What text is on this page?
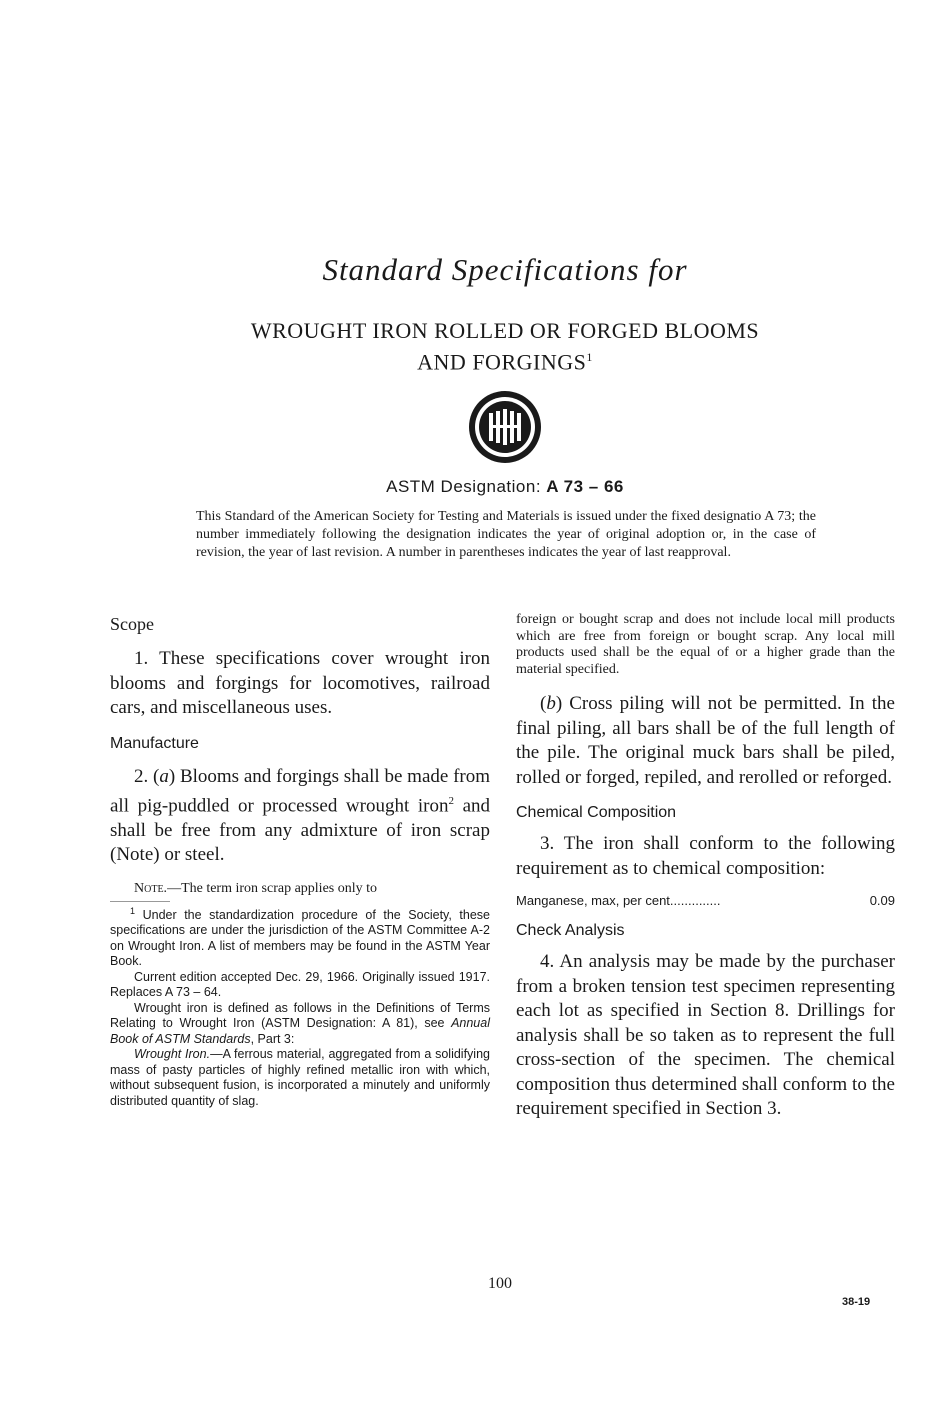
Standard Specifications for
WROUGHT IRON ROLLED OR FORGED BLOOMS
AND FORGINGS$^1$
ASTM Designation: A 73 – 66
This Standard of the American Society for Testing and Materials is issued under the fixed designatio A 73; the number immediately following the designation indicates the year of original adoption or, in the case of revision, the year of last revision. A number in parentheses indicates the year of last reapproval.

Scope

1. These specifications cover wrought iron blooms and forgings for locomotives, railroad cars, and miscellaneous uses.

Manufacture

2. (a) Blooms and forgings shall be made from all pig-puddled or processed wrought iron$^2$ and shall be free from any admixture of iron scrap (Note) or steel.

Note.—The term iron scrap applies only to

$^1$ Under the standardization procedure of the Society, these specifications are under the jurisdiction of the ASTM Committee A-2 on Wrought Iron. A list of members may be found in the ASTM Year Book.

Current edition accepted Dec. 29, 1966. Originally issued 1917. Replaces A 73 – 64.

Wrought iron is defined as follows in the Definitions of Terms Relating to Wrought Iron (ASTM Designation: A 81), see Annual Book of ASTM Standards, Part 3:

Wrought Iron.—A ferrous material, aggregated from a solidifying mass of pasty particles of highly refined metallic iron with which, without subsequent fusion, is incorporated a minutely and uniformly distributed quantity of slag.

foreign or bought scrap and does not include local mill products which are free from foreign or bought scrap. Any local mill products used shall be the equal of or a higher grade than the material specified.

(b) Cross piling will not be permitted. In the final piling, all bars shall be of the full length of the pile. The original muck bars shall be piled, rolled or forged, repiled, and rerolled or reforged.

Chemical Composition

3. The iron shall conform to the following requirement as to chemical composition:

Manganese, max, per cent..............	0.09

Check Analysis

4. An analysis may be made by the purchaser from a broken tension test specimen representing each lot as specified in Section 8. Drillings for analysis shall be so taken as to represent the full cross-section of the specimen. The chemical composition thus determined shall conform to the requirement specified in Section 3.

100
38-19
